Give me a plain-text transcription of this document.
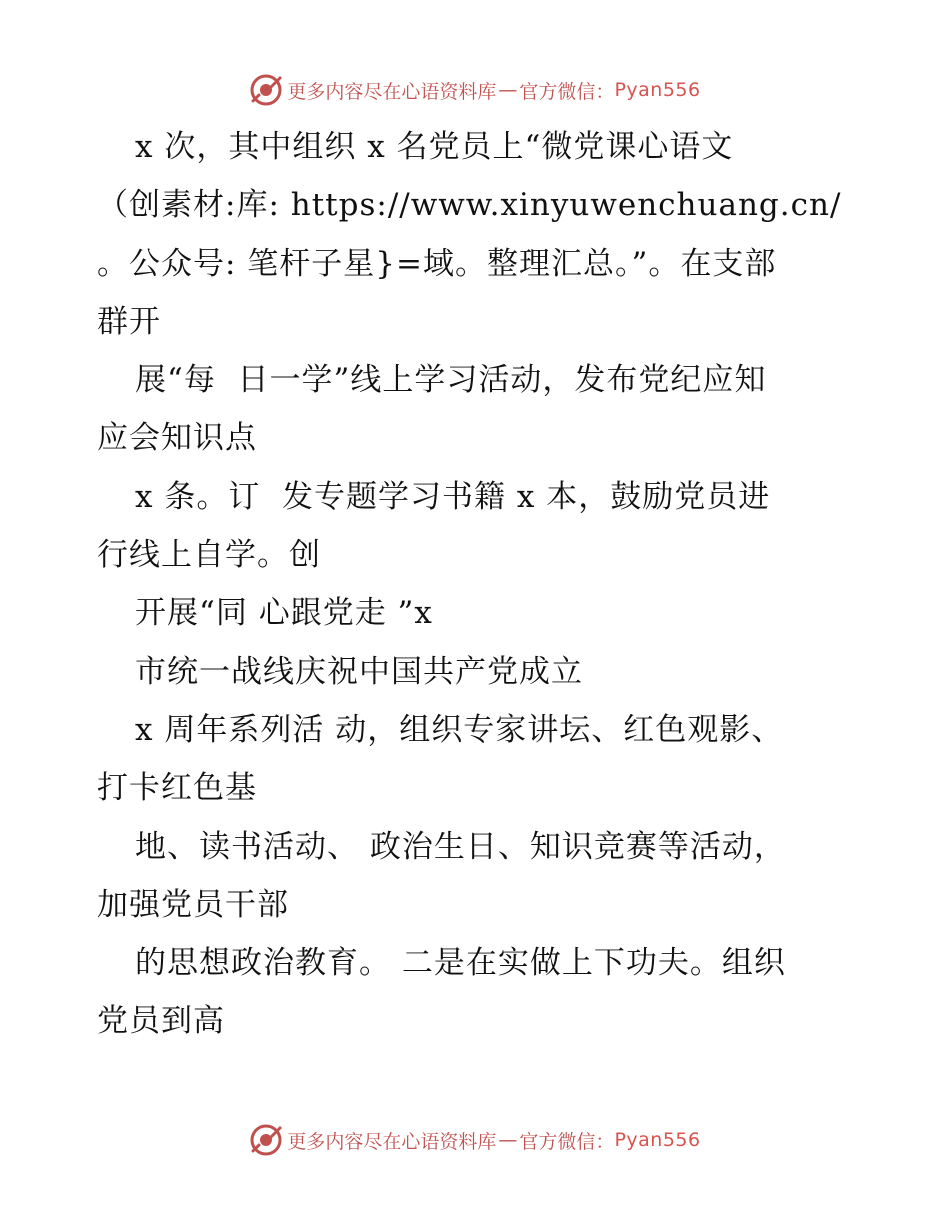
更多内容尽在心语资料库 — 官方微信： Pyan556
x 次，其中组织 x 名党员上“微党课心语文
（创素材:库: https://www.xinyuwenchuang.cn/
。公众号: 笔杆子星}=域。整理汇总。”。在支部
群开
展“每  日一学”线上学习活动，发布党纪应知
应会知识点
x 条。订  发专题学习书籍 x 本，鼓励党员进
行线上自学。创
开展“同 心跟党走 ”x
市统一战线庆祝中国共产党成立
x 周年系列活 动，组织专家讲坛、红色观影、
打卡红色基
地、读书活动、 政治生日、知识竞赛等活动，
加强党员干部
的思想政治教育。 二是在实做上下功夫。组织
党员到高
更多内容尽在心语资料库 — 官方微信： Pyan556
